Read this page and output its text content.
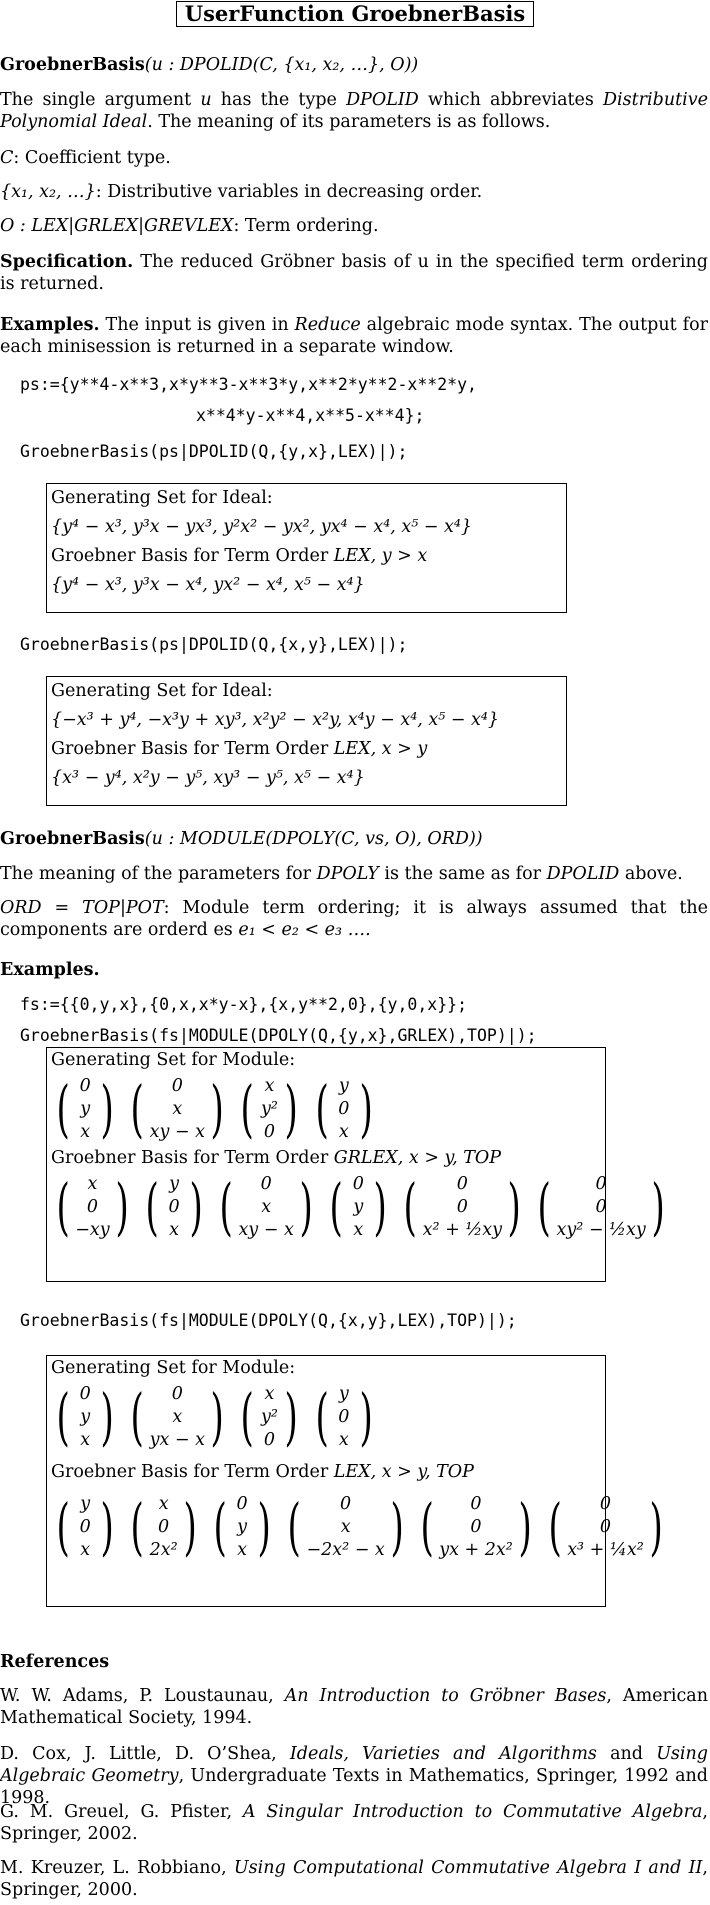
UserFunction GroebnerBasis
GroebnerBasis(u : DPOLID(C, {x₁, x₂, …}, O))
The single argument u has the type DPOLID which abbreviates Distributive Polynomial Ideal. The meaning of its parameters is as follows.
C: Coefficient type.
{x₁, x₂, …}: Distributive variables in decreasing order.
O : LEX|GRLEX|GREVLEX: Term ordering.
Specification. The reduced Gröbner basis of u in the specified term ordering is returned.
Examples. The input is given in Reduce algebraic mode syntax. The output for each minisession is returned in a separate window.
ps:={y**4-x**3,x*y**3-x**3*y,x**2*y**2-x**2*y,
x**4*y-x**4,x**5-x**4};
GroebnerBasis(ps|DPOLID(Q,{y,x},LEX)|);
Generating Set for Ideal:
{y⁴ − x³, y³x − yx³, y²x² − yx², yx⁴ − x⁴, x⁵ − x⁴}
Groebner Basis for Term Order LEX, y > x
{y⁴ − x³, y³x − x⁴, yx² − x⁴, x⁵ − x⁴}
GroebnerBasis(ps|DPOLID(Q,{x,y},LEX)|);
Generating Set for Ideal:
{−x³ + y⁴, −x³y + xy³, x²y² − x²y, x⁴y − x⁴, x⁵ − x⁴}
Groebner Basis for Term Order LEX, x > y
{x³ − y⁴, x²y − y⁵, xy³ − y⁵, x⁵ − x⁴}
GroebnerBasis(u : MODULE(DPOLY(C, vs, O), ORD))
The meaning of the parameters for DPOLY is the same as for DPOLID above.
ORD = TOP|POT: Module term ordering; it is always assumed that the components are orderd es e₁ < e₂ < e₃ ….
Examples.
fs:={{0,y,x},{0,x,x*y-x},{x,y**2,0},{y,0,x}};
GroebnerBasis(fs|MODULE(DPOLY(Q,{y,x},GRLEX),TOP)|);
Generating Set for Module:
( 0
y
x ) ( 0
x
xy − x ) ( x
y²
0 ) ( y
0
x )
Groebner Basis for Term Order GRLEX, x > y, TOP
( x
0
−xy ) ( y
0
x ) ( 0
x
xy − x ) ( 0
y
x ) ( 0
0
x² + ½xy ) (	0
0
xy² − ½xy )
GroebnerBasis(fs|MODULE(DPOLY(Q,{x,y},LEX),TOP)|);
Generating Set for Module:
( 0
y
x ) ( 0
x
yx − x ) ( x
y²
0 ) ( y
0
x )
Groebner Basis for Term Order LEX, x > y, TOP
( y
0
x ) ( x
0
2x² ) ( 0
y
x ) ( 0
x
−2x² − x ) ( 0
0
yx + 2x² ) ( 0
0
x³ + ¼x² )
References
W. W. Adams, P. Loustaunau, An Introduction to Gröbner Bases, American Mathematical Society, 1994.
D. Cox, J. Little, D. O’Shea, Ideals, Varieties and Algorithms and Using Algebraic Geometry, Undergraduate Texts in Mathematics, Springer, 1992 and 1998.
G. M. Greuel, G. Pfister, A Singular Introduction to Commutative Algebra, Springer, 2002.
M. Kreuzer, L. Robbiano, Using Computational Commutative Algebra I and II, Springer, 2000.
